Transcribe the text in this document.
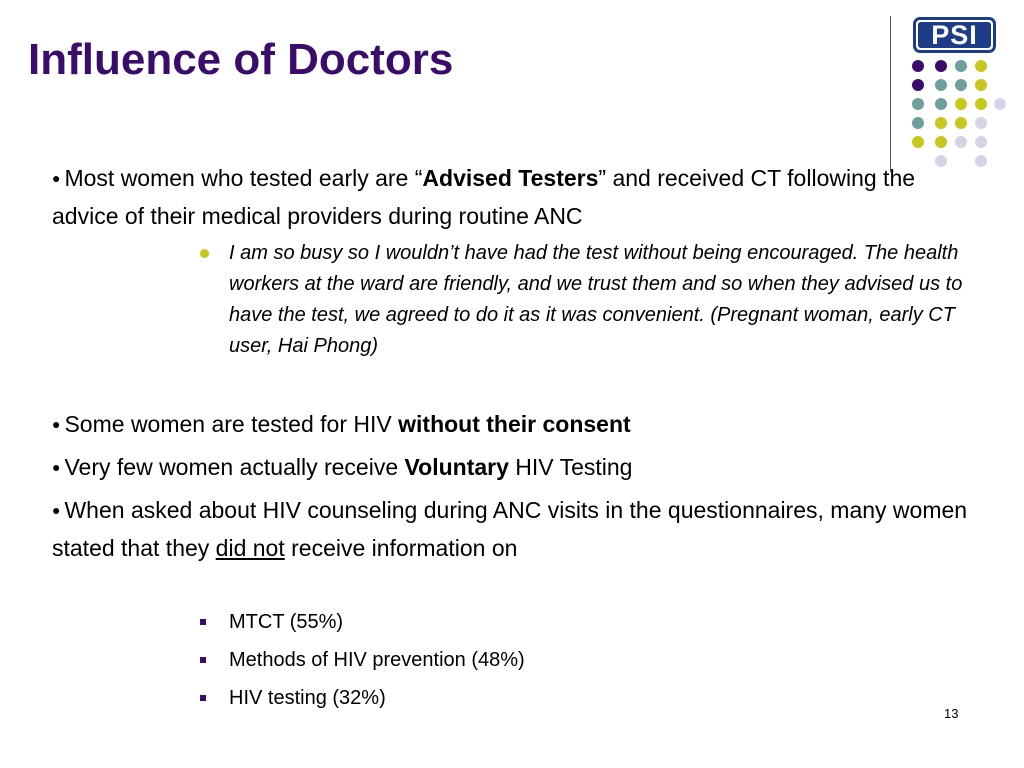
Influence of Doctors	PSI

● Most women who tested early are “Advised Testers” and received CT following the advice of their medical providers during routine ANC

● Some women are tested for HIV without their consent

● Very few women actually receive Voluntary HIV Testing

● When asked about HIV counseling during ANC visits in the questionnaires, many women stated that they did not receive information on

I am so busy so I wouldn’t have had the test without being encouraged. The health workers at the ward are friendly, and we trust them and so when they advised us to have the test, we agreed to do it as it was convenient. (Pregnant woman, early CT user, Hai Phong)
MTCT (55%)
Methods of HIV prevention (48%)
HIV testing (32%)
13
